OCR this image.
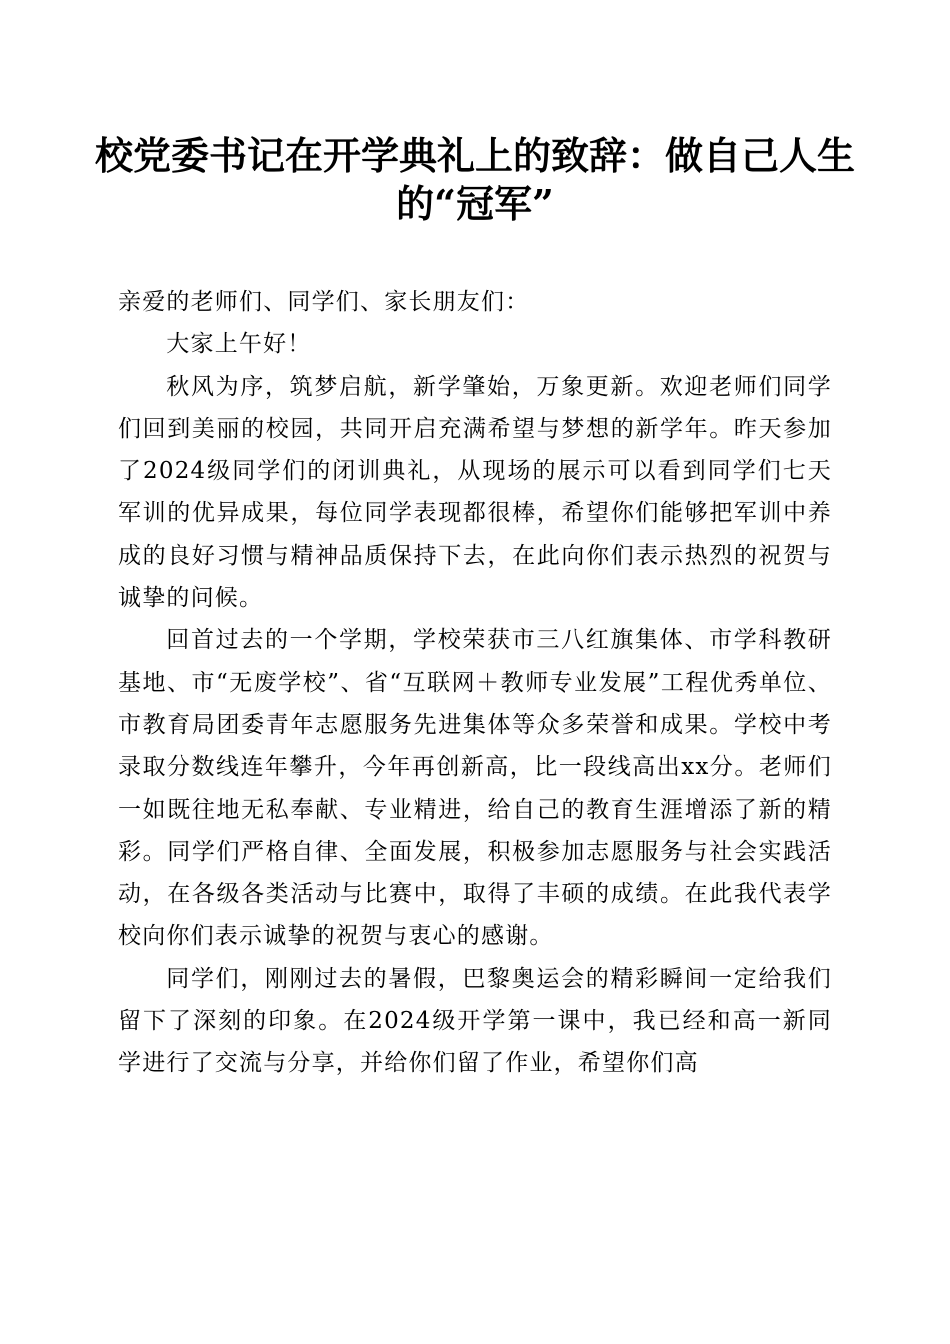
校党委书记在开学典礼上的致辞：做自己人生
的“冠军”

亲爱的老师们、同学们、家长朋友们：

大家上午好！

秋风为序，筑梦启航，新学肇始，万象更新。欢迎老师们同学们回到美丽的校园，共同开启充满希望与梦想的新学年。昨天参加了2024级同学们的闭训典礼，从现场的展示可以看到同学们七天军训的优异成果，每位同学表现都很棒，希望你们能够把军训中养成的良好习惯与精神品质保持下去，在此向你们表示热烈的祝贺与诚挚的问候。

回首过去的一个学期，学校荣获市三八红旗集体、市学科教研基地、市“无废学校”、省“互联网＋教师专业发展”工程优秀单位、市教育局团委青年志愿服务先进集体等众多荣誉和成果。学校中考录取分数线连年攀升，今年再创新高，比一段线高出xx分。老师们一如既往地无私奉献、专业精进，给自己的教育生涯增添了新的精彩。同学们严格自律、全面发展，积极参加志愿服务与社会实践活动，在各级各类活动与比赛中，取得了丰硕的成绩。在此我代表学校向你们表示诚挚的祝贺与衷心的感谢。

同学们，刚刚过去的暑假，巴黎奥运会的精彩瞬间一定给我们留下了深刻的印象。在2024级开学第一课中，我已经和高一新同学进行了交流与分享，并给你们留了作业，希望你们高
